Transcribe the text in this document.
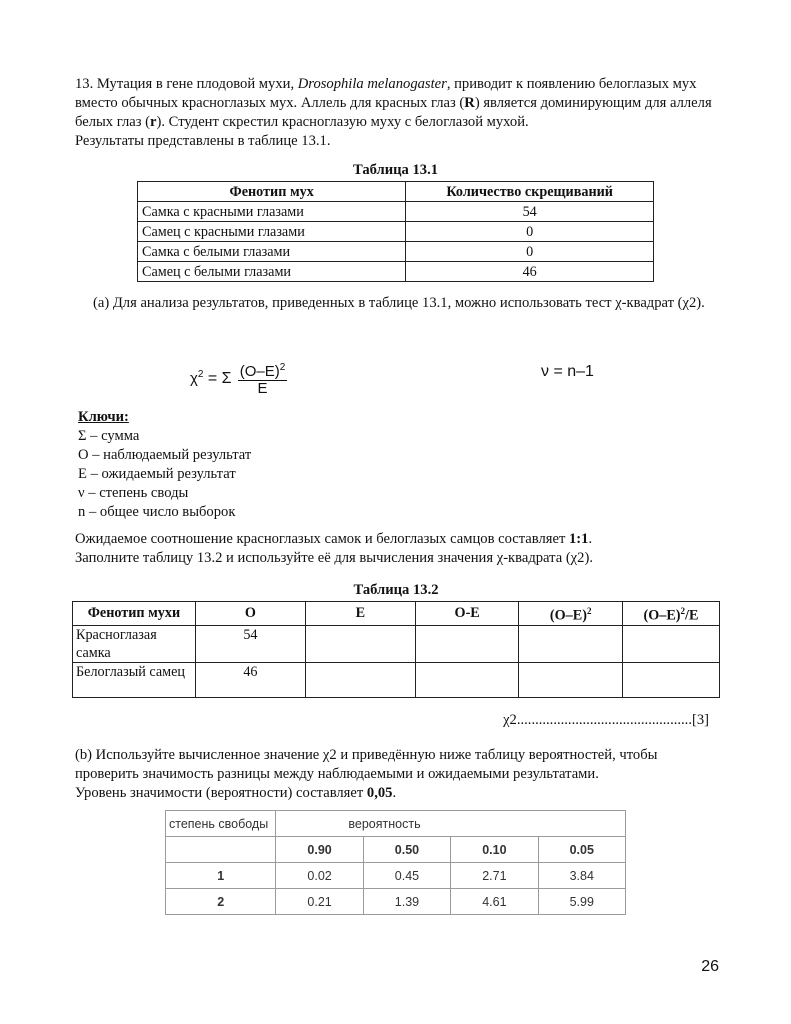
13. Мутация в гене плодовой мухи, Drosophila melanogaster, приводит к появлению белоглазых мух вместо обычных красноглазых мух. Аллель для красных глаз (R) является доминирующим для аллеля белых глаз (r). Студент скрестил красноглазую муху с белоглазой мухой.
Результаты представлены в таблице 13.1.
Таблица 13.1
Фенотип мух	Количество скрещиваний
Самка с красными глазами	54
Самец с красными глазами	0
Самка с белыми глазами	0
Самец с белыми глазами	46
(а) Для анализа результатов, приведенных в таблице 13.1, можно использовать тест χ-квадрат (χ2).
$\chi^2 = \Sigma \frac{(O-E)^2}{E}$	ν = n–1
Ключи:
Σ – сумма
O – наблюдаемый результат
E – ожидаемый результат
ν – степень своды
n – общее число выборок
Ожидаемое соотношение красноглазых самок и белоглазых самцов составляет 1:1.
Заполните таблицу 13.2 и используйте её для вычисления значения χ-квадрата (χ2).
Таблица 13.2
Фенотип мухи	O	E	O-E	$(O-E)^2$	$(O-E)^2/E$
Красноглазая самка	54				
Белоглазый самец	46				
χ2................................................[3]
(b) Используйте вычисленное значение χ2 и приведённую ниже таблицу вероятностей, чтобы
проверить значимость разницы между наблюдаемыми и ожидаемыми результатами.
Уровень значимости (вероятности) составляет 0,05.
степень свободы	вероятность			
	0.90	0.50	0.10	0.05
1	0.02	0.45	2.71	3.84
2	0.21	1.39	4.61	5.99
26
